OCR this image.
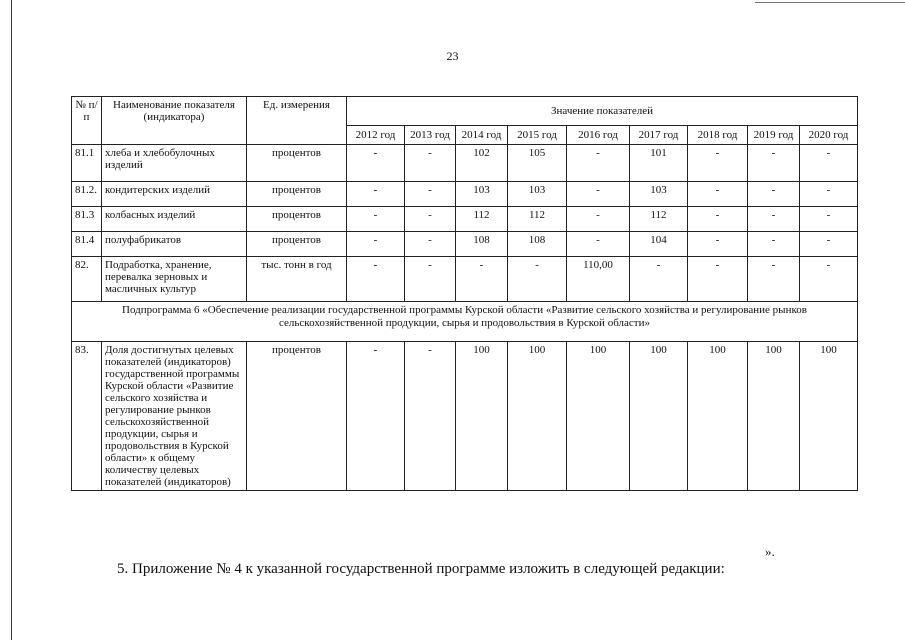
23
№ п/п	Наименование показателя (индикатора)	Ед. измерения	Значение показателей								
			2012 год	2013 год	2014 год	2015 год	2016 год	2017 год	2018 год	2019 год	2020 год
81.1	хлеба и хлебобулочных изделий	процентов	-	-	102	105	-	101	-	-	-
81.2.	кондитерских изделий	процентов	-	-	103	103	-	103	-	-	-
81.3	колбасных изделий	процентов	-	-	112	112	-	112	-	-	-
81.4	полуфабрикатов	процентов	-	-	108	108	-	104	-	-	-
82.	Подработка, хранение, перевалка зерновых и масличных культур	тыс. тонн в год	-	-	-	-	110,00	-	-	-	-
Подпрограмма 6 «Обеспечение реализации государственной программы Курской области «Развитие сельского хозяйства и регулирование рынков сельскохозяйственной продукции, сырья и продовольствия в Курской области»											
83.	Доля достигнутых целевых показателей (индикаторов) государственной программы Курской области «Развитие сельского хозяйства и регулирование рынков сельскохозяйственной продукции, сырья и продовольствия в Курской области» к общему количеству целевых показателей (индикаторов)	процентов	-	-	100	100	100	100	100	100	100
».
5. Приложение № 4 к указанной государственной программе изложить в следующей редакции:
